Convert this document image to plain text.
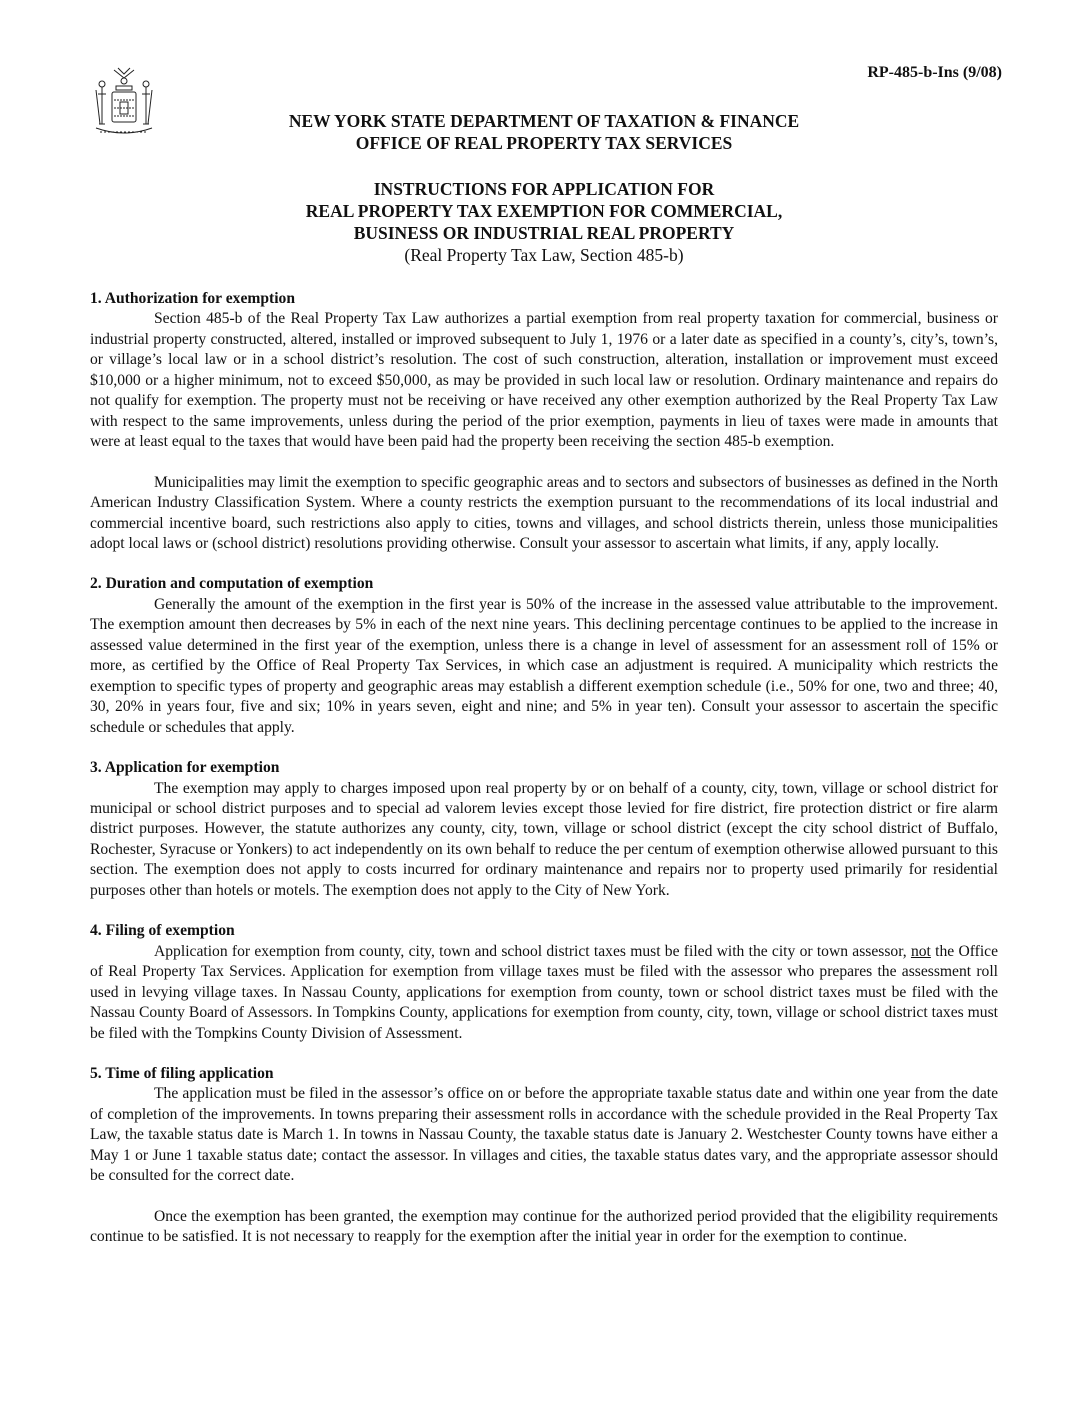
RP-485-b-Ins (9/08)
NEW YORK STATE DEPARTMENT OF TAXATION & FINANCE
OFFICE OF REAL PROPERTY TAX SERVICES
INSTRUCTIONS FOR APPLICATION FOR
REAL PROPERTY TAX EXEMPTION FOR COMMERCIAL,
BUSINESS OR INDUSTRIAL REAL PROPERTY
(Real Property Tax Law, Section 485-b)
1. Authorization for exemption

Section 485-b of the Real Property Tax Law authorizes a partial exemption from real property taxation for commercial, business or industrial property constructed, altered, installed or improved subsequent to July 1, 1976 or a later date as specified in a county’s, city’s, town’s, or village’s local law or in a school district’s resolution. The cost of such construction, alteration, installation or improvement must exceed $10,000 or a higher minimum, not to exceed $50,000, as may be provided in such local law or resolution. Ordinary maintenance and repairs do not qualify for exemption. The property must not be receiving or have received any other exemption authorized by the Real Property Tax Law with respect to the same improvements, unless during the period of the prior exemption, payments in lieu of taxes were made in amounts that were at least equal to the taxes that would have been paid had the property been receiving the section 485-b exemption.

Municipalities may limit the exemption to specific geographic areas and to sectors and subsectors of businesses as defined in the North American Industry Classification System. Where a county restricts the exemption pursuant to the recommendations of its local industrial and commercial incentive board, such restrictions also apply to cities, towns and villages, and school districts therein, unless those municipalities adopt local laws or (school district) resolutions providing otherwise. Consult your assessor to ascertain what limits, if any, apply locally.

2. Duration and computation of exemption

Generally the amount of the exemption in the first year is 50% of the increase in the assessed value attributable to the improvement. The exemption amount then decreases by 5% in each of the next nine years. This declining percentage continues to be applied to the increase in assessed value determined in the first year of the exemption, unless there is a change in level of assessment for an assessment roll of 15% or more, as certified by the Office of Real Property Tax Services, in which case an adjustment is required. A municipality which restricts the exemption to specific types of property and geographic areas may establish a different exemption schedule (i.e., 50% for one, two and three; 40, 30, 20% in years four, five and six; 10% in years seven, eight and nine; and 5% in year ten). Consult your assessor to ascertain the specific schedule or schedules that apply.

3. Application for exemption

The exemption may apply to charges imposed upon real property by or on behalf of a county, city, town, village or school district for municipal or school district purposes and to special ad valorem levies except those levied for fire district, fire protection district or fire alarm district purposes. However, the statute authorizes any county, city, town, village or school district (except the city school district of Buffalo, Rochester, Syracuse or Yonkers) to act independently on its own behalf to reduce the per centum of exemption otherwise allowed pursuant to this section. The exemption does not apply to costs incurred for ordinary maintenance and repairs nor to property used primarily for residential purposes other than hotels or motels. The exemption does not apply to the City of New York.

4. Filing of exemption

Application for exemption from county, city, town and school district taxes must be filed with the city or town assessor, not the Office of Real Property Tax Services. Application for exemption from village taxes must be filed with the assessor who prepares the assessment roll used in levying village taxes. In Nassau County, applications for exemption from county, town or school district taxes must be filed with the Nassau County Board of Assessors. In Tompkins County, applications for exemption from county, city, town, village or school district taxes must be filed with the Tompkins County Division of Assessment.

5. Time of filing application

The application must be filed in the assessor’s office on or before the appropriate taxable status date and within one year from the date of completion of the improvements. In towns preparing their assessment rolls in accordance with the schedule provided in the Real Property Tax Law, the taxable status date is March 1. In towns in Nassau County, the taxable status date is January 2. Westchester County towns have either a May 1 or June 1 taxable status date; contact the assessor. In villages and cities, the taxable status dates vary, and the appropriate assessor should be consulted for the correct date.

Once the exemption has been granted, the exemption may continue for the authorized period provided that the eligibility requirements continue to be satisfied. It is not necessary to reapply for the exemption after the initial year in order for the exemption to continue.
